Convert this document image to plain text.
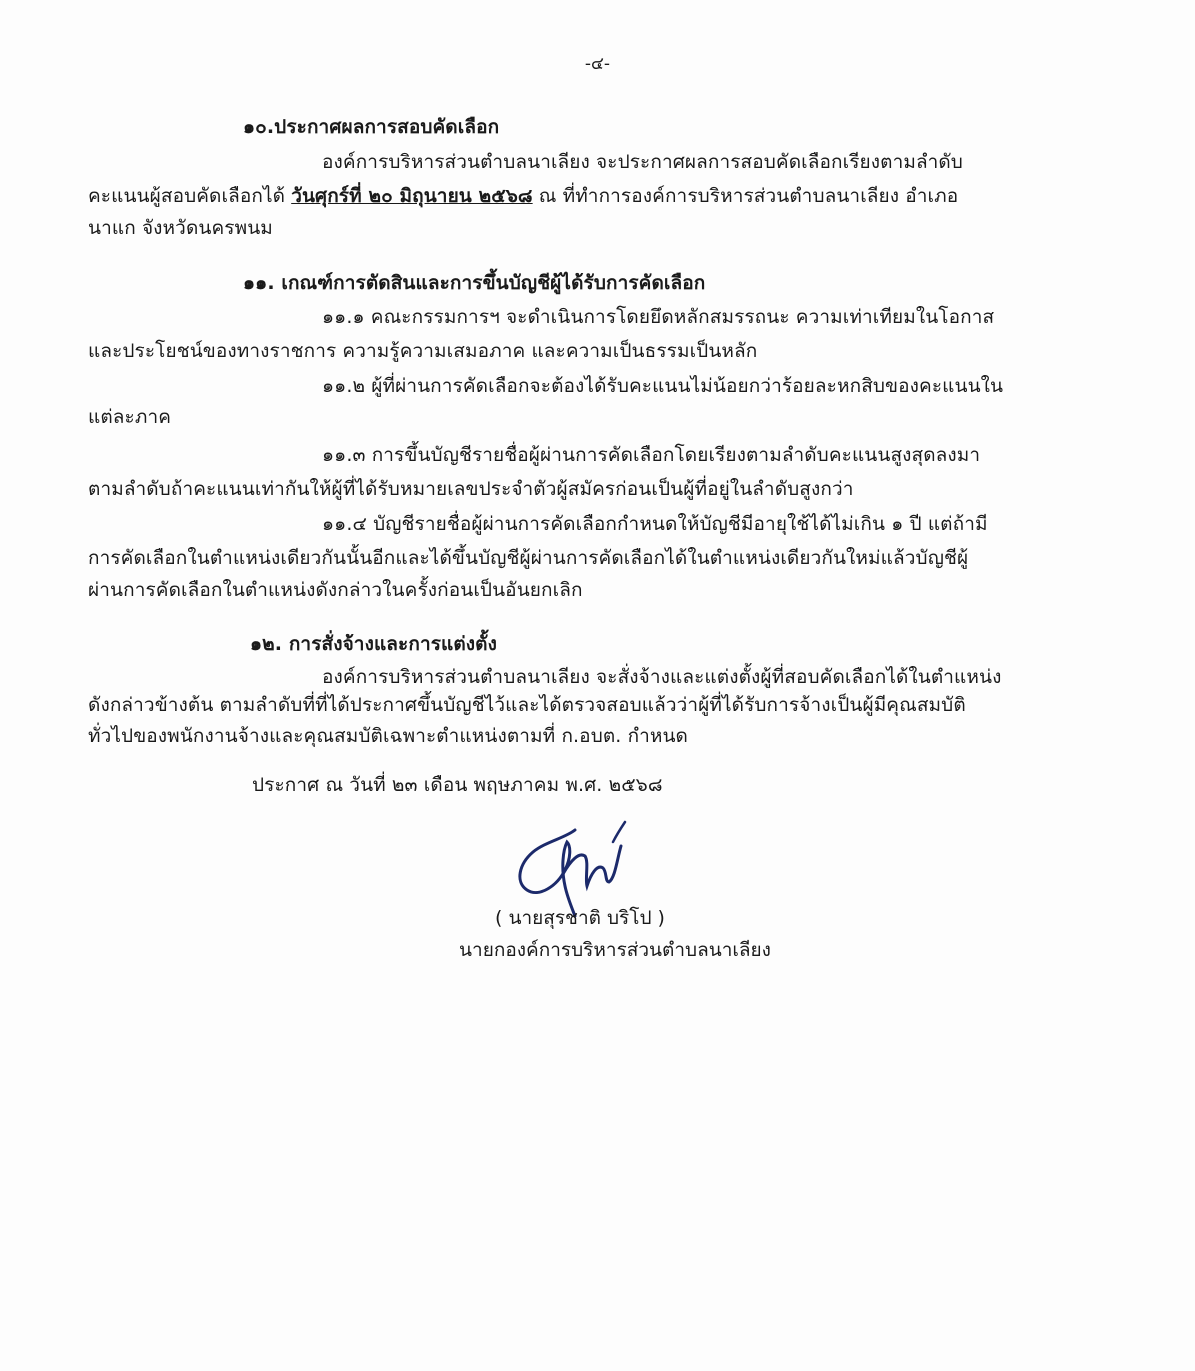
-๔-
๑๐.ประกาศผลการสอบคัดเลือก
องค์การบริหารส่วนตำบลนาเลียง จะประกาศผลการสอบคัดเลือกเรียงตามลำดับ
คะแนนผู้สอบคัดเลือกได้ วันศุกร์ที่ ๒๐ มิถุนายน ๒๕๖๘ ณ ที่ทำการองค์การบริหารส่วนตำบลนาเลียง อำเภอ
นาแก จังหวัดนครพนม
๑๑. เกณฑ์การตัดสินและการขึ้นบัญชีผู้ได้รับการคัดเลือก
๑๑.๑ คณะกรรมการฯ จะดำเนินการโดยยึดหลักสมรรถนะ ความเท่าเทียมในโอกาส
และประโยชน์ของทางราชการ ความรู้ความเสมอภาค และความเป็นธรรมเป็นหลัก
๑๑.๒ ผู้ที่ผ่านการคัดเลือกจะต้องได้รับคะแนนไม่น้อยกว่าร้อยละหกสิบของคะแนนใน
แต่ละภาค
๑๑.๓ การขึ้นบัญชีรายชื่อผู้ผ่านการคัดเลือกโดยเรียงตามลำดับคะแนนสูงสุดลงมา
ตามลำดับถ้าคะแนนเท่ากันให้ผู้ที่ได้รับหมายเลขประจำตัวผู้สมัครก่อนเป็นผู้ที่อยู่ในลำดับสูงกว่า
๑๑.๔ บัญชีรายชื่อผู้ผ่านการคัดเลือกกำหนดให้บัญชีมีอายุใช้ได้ไม่เกิน ๑ ปี แต่ถ้ามี
การคัดเลือกในตำแหน่งเดียวกันนั้นอีกและได้ขึ้นบัญชีผู้ผ่านการคัดเลือกได้ในตำแหน่งเดียวกันใหม่แล้วบัญชีผู้
ผ่านการคัดเลือกในตำแหน่งดังกล่าวในครั้งก่อนเป็นอันยกเลิก
๑๒. การสั่งจ้างและการแต่งตั้ง
องค์การบริหารส่วนตำบลนาเลียง จะสั่งจ้างและแต่งตั้งผู้ที่สอบคัดเลือกได้ในตำแหน่ง
ดังกล่าวข้างต้น ตามลำดับที่ที่ได้ประกาศขึ้นบัญชีไว้และได้ตรวจสอบแล้วว่าผู้ที่ได้รับการจ้างเป็นผู้มีคุณสมบัติ
ทั่วไปของพนักงานจ้างและคุณสมบัติเฉพาะตำแหน่งตามที่ ก.อบต. กำหนด
ประกาศ ณ วันที่ ๒๓ เดือน พฤษภาคม พ.ศ. ๒๕๖๘
( นายสุรชาติ บริโป )
นายกองค์การบริหารส่วนตำบลนาเลียง
